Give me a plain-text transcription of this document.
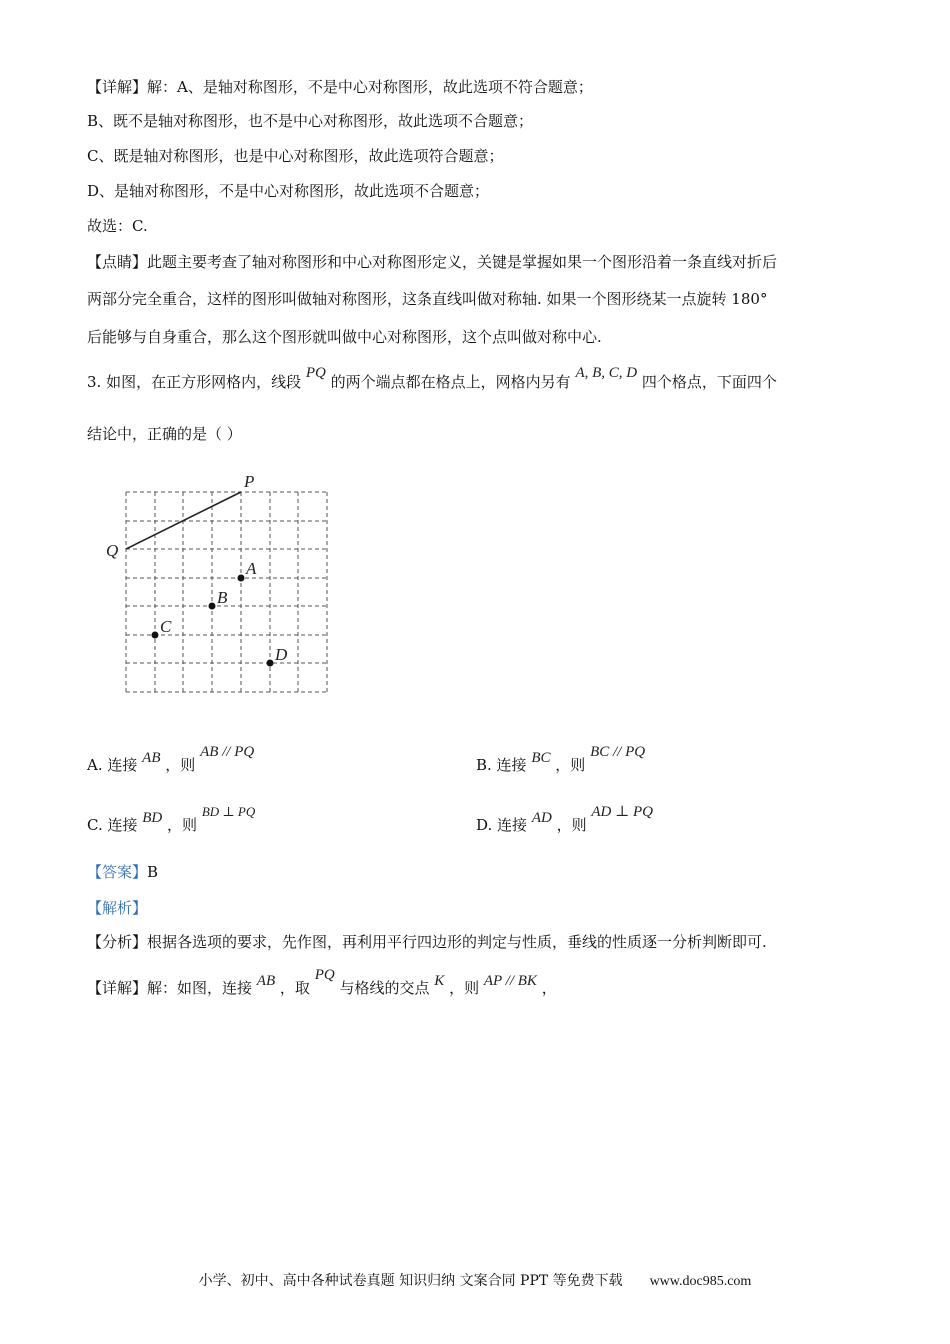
【详解】解：A、是轴对称图形，不是中心对称图形，故此选项不符合题意；
B、既不是轴对称图形，也不是中心对称图形，故此选项不合题意；
C、既是轴对称图形，也是中心对称图形，故此选项符合题意；
D、是轴对称图形，不是中心对称图形，故此选项不合题意；
故选：C.
【点睛】此题主要考查了轴对称图形和中心对称图形定义，关键是掌握如果一个图形沿着一条直线对折后
两部分完全重合，这样的图形叫做轴对称图形，这条直线叫做对称轴. 如果一个图形绕某一点旋转 180°
后能够与自身重合，那么这个图形就叫做中心对称图形，这个点叫做对称中心.
3. 如图，在正方形网格内，线段 PQ 的两个端点都在格点上，网格内另有 A, B, C, D 四个格点，下面四个
结论中，正确的是（ ）
P
Q
A
B
C
D
A. 连接 AB ，则 AB // PQ
B. 连接 BC ，则 BC // PQ
C. 连接 BD ，则 BD ⊥ PQ
D. 连接 AD ，则 AD ⊥ PQ
【答案】B
【解析】
【分析】根据各选项的要求，先作图，再利用平行四边形的判定与性质，垂线的性质逐一分析判断即可.
【详解】解：如图，连接 AB ，取 PQ 与格线的交点 K ，则 AP // BK ，
小学、初中、高中各种试卷真题 知识归纳 文案合同 PPT 等免费下载 www.doc985.com
